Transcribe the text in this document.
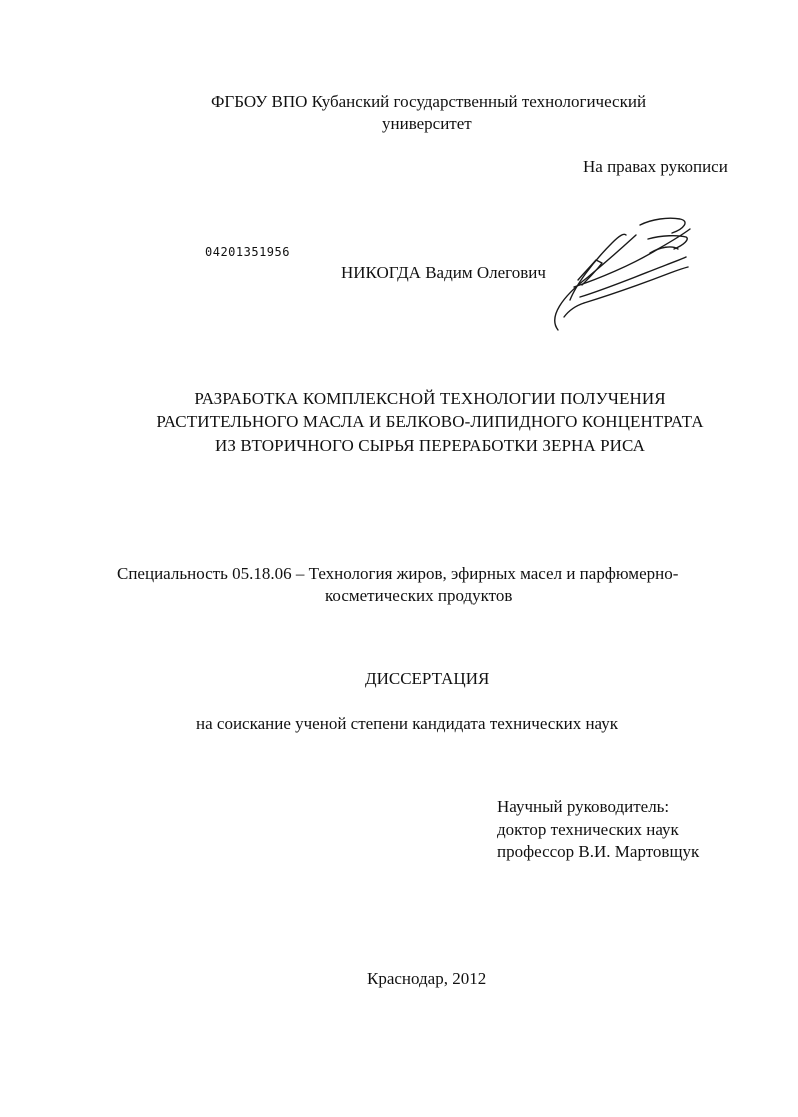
ФГБОУ ВПО Кубанский государственный технологический
университет
На правах рукописи
04201351956
НИКОГДА Вадим Олегович
РАЗРАБОТКА КОМПЛЕКСНОЙ ТЕХНОЛОГИИ ПОЛУЧЕНИЯ
РАСТИТЕЛЬНОГО МАСЛА И БЕЛКОВО-ЛИПИДНОГО КОНЦЕНТРАТА
ИЗ ВТОРИЧНОГО СЫРЬЯ ПЕРЕРАБОТКИ ЗЕРНА РИСА
Специальность 05.18.06 – Технология жиров, эфирных масел и парфюмерно-
косметических продуктов
ДИССЕРТАЦИЯ
на соискание ученой степени кандидата технических наук
Научный руководитель:
доктор технических наук
профессор В.И. Мартовщук
Краснодар, 2012
